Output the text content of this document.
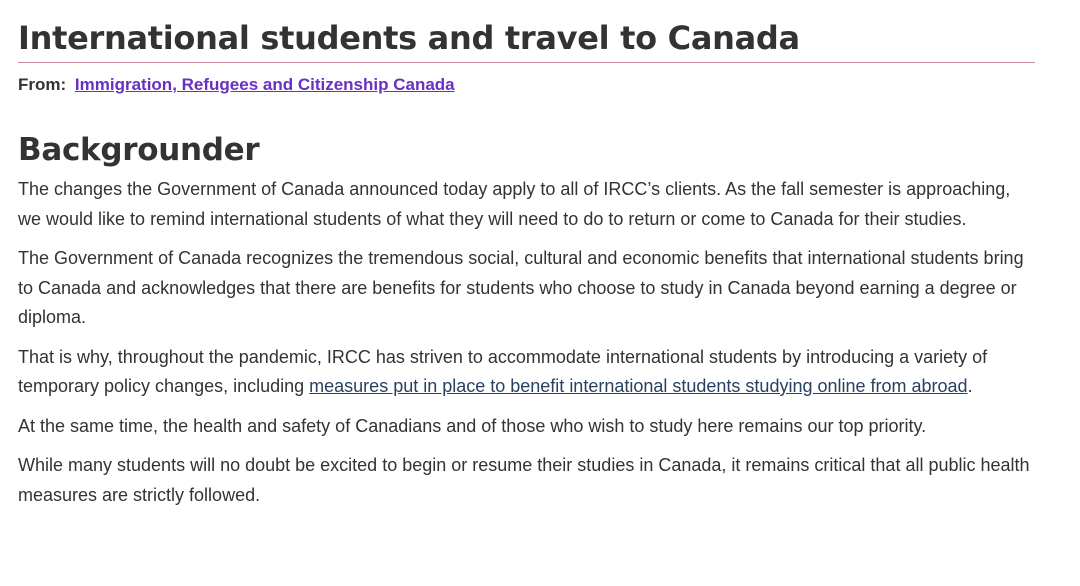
International students and travel to Canada
From: Immigration, Refugees and Citizenship Canada
Backgrounder

The changes the Government of Canada announced today apply to all of IRCC’s clients. As the fall semester is approaching, we would like to remind international students of what they will need to do to return or come to Canada for their studies.

The Government of Canada recognizes the tremendous social, cultural and economic benefits that international students bring to Canada and acknowledges that there are benefits for students who choose to study in Canada beyond earning a degree or diploma.

That is why, throughout the pandemic, IRCC has striven to accommodate international students by introducing a variety of temporary policy changes, including measures put in place to benefit international students studying online from abroad.

At the same time, the health and safety of Canadians and of those who wish to study here remains our top priority.

While many students will no doubt be excited to begin or resume their studies in Canada, it remains critical that all public health measures are strictly followed.
